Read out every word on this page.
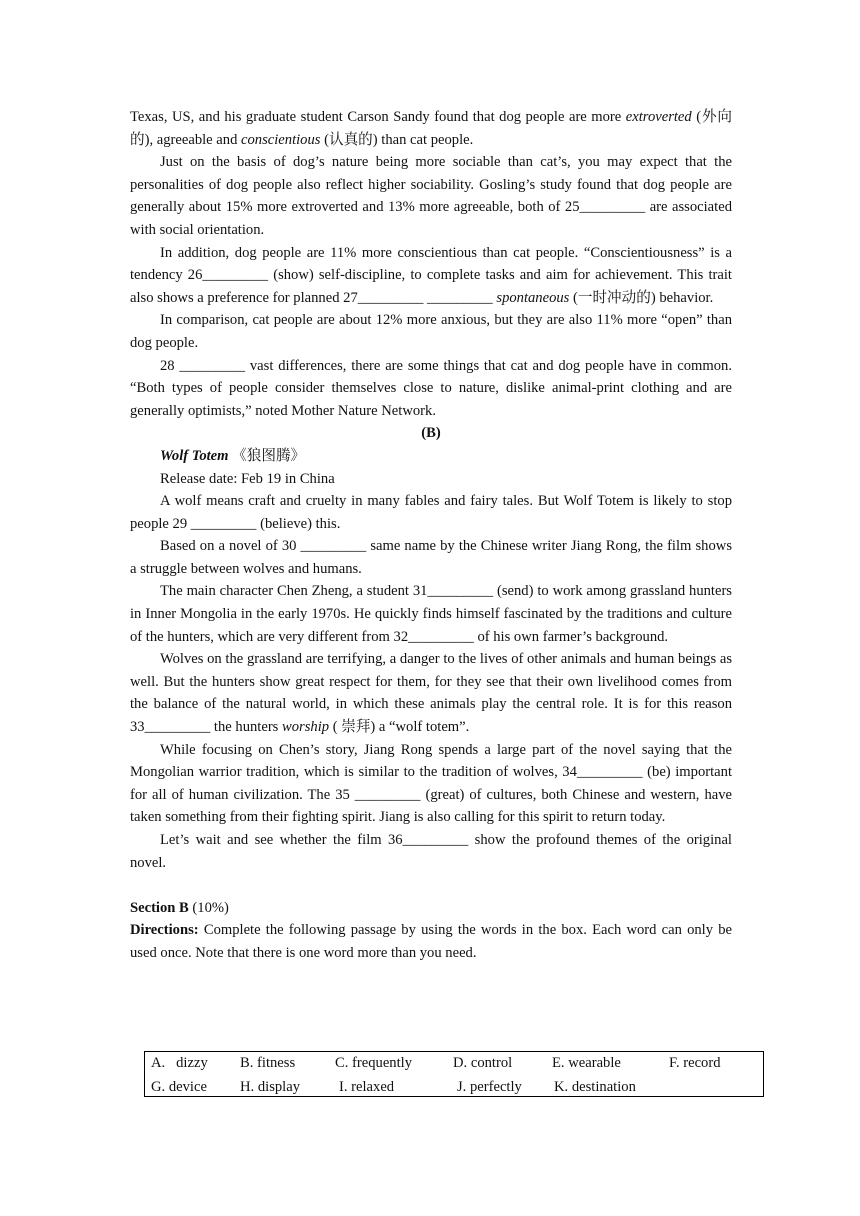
Texas, US, and his graduate student Carson Sandy found that dog people are more extroverted (外向的), agreeable and conscientious (认真的) than cat people.

Just on the basis of dog’s nature being more sociable than cat’s, you may expect that the personalities of dog people also reflect higher sociability. Gosling’s study found that dog people are generally about 15% more extroverted and 13% more agreeable, both of 25_________ are associated with social orientation.

In addition, dog people are 11% more conscientious than cat people. “Conscientiousness” is a tendency 26_________ (show) self-discipline, to complete tasks and aim for achievement. This trait also shows a preference for planned 27_________ _________ spontaneous (一时冲动的) behavior.

In comparison, cat people are about 12% more anxious, but they are also 11% more “open” than dog people.

28 _________ vast differences, there are some things that cat and dog people have in common. “Both types of people consider themselves close to nature, dislike animal-print clothing and are generally optimists,” noted Mother Nature Network.

(B)

Wolf Totem 《狼图腾》

Release date: Feb 19 in China

A wolf means craft and cruelty in many fables and fairy tales. But Wolf Totem is likely to stop people 29 _________ (believe) this.

Based on a novel of 30 _________ same name by the Chinese writer Jiang Rong, the film shows a struggle between wolves and humans.

The main character Chen Zheng, a student 31_________ (send) to work among grassland hunters in Inner Mongolia in the early 1970s. He quickly finds himself fascinated by the traditions and culture of the hunters, which are very different from 32_________ of his own farmer’s background.

Wolves on the grassland are terrifying, a danger to the lives of other animals and human beings as well. But the hunters show great respect for them, for they see that their own livelihood comes from the balance of the natural world, in which these animals play the central role. It is for this reason 33_________ the hunters worship ( 崇拜) a “wolf totem”.

While focusing on Chen’s story, Jiang Rong spends a large part of the novel saying that the Mongolian warrior tradition, which is similar to the tradition of wolves, 34_________ (be) important for all of human civilization. The 35 _________ (great) of cultures, both Chinese and western, have taken something from their fighting spirit. Jiang is also calling for this spirit to return today.

Let’s wait and see whether the film 36_________ show the profound themes of the original novel.

Section B (10%)

Directions: Complete the following passage by using the words in the box. Each word can only be used once. Note that there is one word more than you need.

A.   dizzy B. fitness	C. frequently	D. control	E. wearable	F. record
G. device H. display	I. relaxed	J. perfectly K. destination
